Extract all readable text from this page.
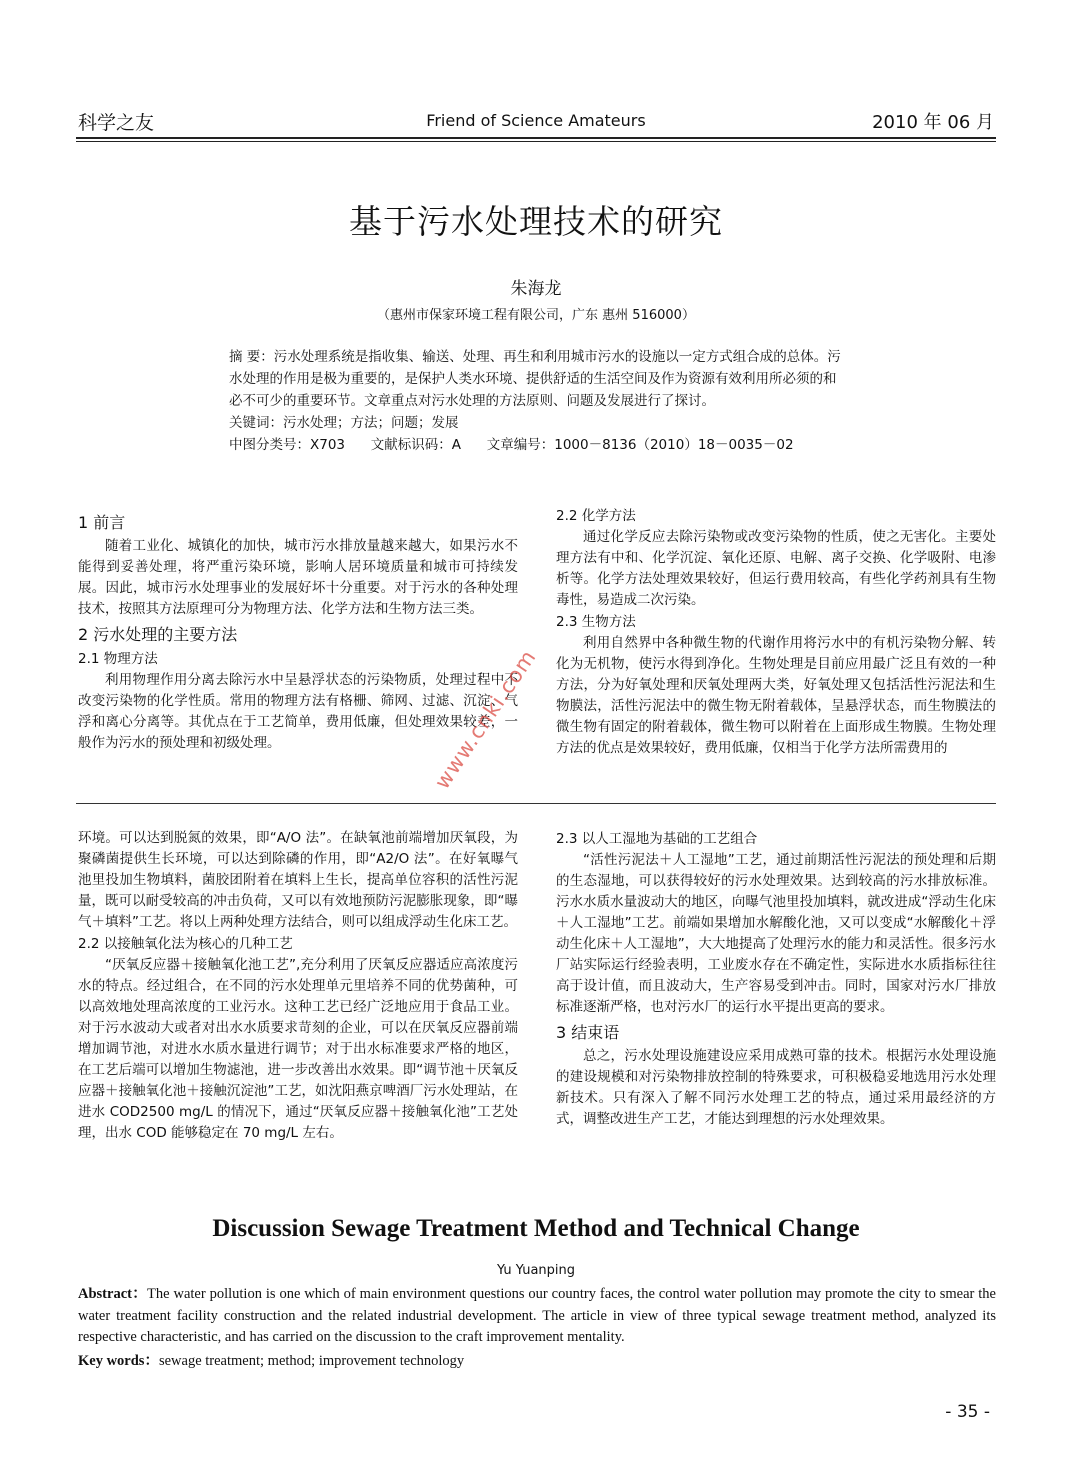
科学之友	Friend of Science Amateurs	2010 年 06 月
基于污水处理技术的研究
朱海龙
（惠州市保家环境工程有限公司，广东 惠州 516000）

摘 要：污水处理系统是指收集、输送、处理、再生和利用城市污水的设施以一定方式组合成的总体。污水处理的作用是极为重要的，是保护人类水环境、提供舒适的生活空间及作为资源有效利用所必须的和必不可少的重要环节。文章重点对污水处理的方法原则、问题及发展进行了探讨。

关键词：污水处理；方法；问题；发展

中图分类号：X703      文献标识码：A      文章编号：1000－8136（2010）18－0035－02

1 前言

随着工业化、城镇化的加快，城市污水排放量越来越大，如果污水不能得到妥善处理，将严重污染环境，影响人居环境质量和城市可持续发展。因此，城市污水处理事业的发展好坏十分重要。对于污水的各种处理技术，按照其方法原理可分为物理方法、化学方法和生物方法三类。

2 污水处理的主要方法
2.1 物理方法

利用物理作用分离去除污水中呈悬浮状态的污染物质，处理过程中不改变污染物的化学性质。常用的物理方法有格栅、筛网、过滤、沉淀、气浮和离心分离等。其优点在于工艺简单，费用低廉，但处理效果较差，一般作为污水的预处理和初级处理。

2.2 化学方法

通过化学反应去除污染物或改变污染物的性质，使之无害化。主要处理方法有中和、化学沉淀、氧化还原、电解、离子交换、化学吸附、电渗析等。化学方法处理效果较好，但运行费用较高，有些化学药剂具有生物毒性，易造成二次污染。

2.3 生物方法

利用自然界中各种微生物的代谢作用将污水中的有机污染物分解、转化为无机物，使污水得到净化。生物处理是目前应用最广泛且有效的一种方法，分为好氧处理和厌氧处理两大类，好氧处理又包括活性污泥法和生物膜法，活性污泥法中的微生物无附着载体，呈悬浮状态，而生物膜法的微生物有固定的附着载体，微生物可以附着在上面形成生物膜。生物处理方法的优点是效果较好，费用低廉，仅相当于化学方法所需费用的

环境。可以达到脱氮的效果，即“A/O 法”。在缺氧池前端增加厌氧段，为聚磷菌提供生长环境，可以达到除磷的作用，即“A2/O 法”。在好氧曝气池里投加生物填料，菌胶团附着在填料上生长，提高单位容积的活性污泥量，既可以耐受较高的冲击负荷，又可以有效地预防污泥膨胀现象，即“曝气＋填料”工艺。将以上两种处理方法结合，则可以组成浮动生化床工艺。

2.2 以接触氧化法为核心的几种工艺

“厌氧反应器＋接触氧化池工艺”,充分利用了厌氧反应器适应高浓度污水的特点。经过组合，在不同的污水处理单元里培养不同的优势菌种，可以高效地处理高浓度的工业污水。这种工艺已经广泛地应用于食品工业。对于污水波动大或者对出水水质要求苛刻的企业，可以在厌氧反应器前端增加调节池，对进水水质水量进行调节；对于出水标准要求严格的地区，在工艺后端可以增加生物滤池，进一步改善出水效果。即“调节池＋厌氧反应器＋接触氧化池＋接触沉淀池”工艺，如沈阳燕京啤酒厂污水处理站，在进水 COD2500 mg/L 的情况下，通过“厌氧反应器＋接触氧化池”工艺处理，出水 COD 能够稳定在 70 mg/L 左右。

2.3 以人工湿地为基础的工艺组合

“活性污泥法＋人工湿地”工艺，通过前期活性污泥法的预处理和后期的生态湿地，可以获得较好的污水处理效果。达到较高的污水排放标准。污水水质水量波动大的地区，向曝气池里投加填料，就改进成“浮动生化床＋人工湿地”工艺。前端如果增加水解酸化池，又可以变成“水解酸化＋浮动生化床＋人工湿地”，大大地提高了处理污水的能力和灵活性。很多污水厂站实际运行经验表明，工业废水存在不确定性，实际进水水质指标往往高于设计值，而且波动大，生产容易受到冲击。同时，国家对污水厂排放标准逐渐严格，也对污水厂的运行水平提出更高的要求。

3 结束语

总之，污水处理设施建设应采用成熟可靠的技术。根据污水处理设施的建设规模和对污染物排放控制的特殊要求，可积极稳妥地选用污水处理新技术。只有深入了解不同污水处理工艺的特点，通过采用最经济的方式，调整改进生产工艺，才能达到理想的污水处理效果。

Discussion Sewage Treatment Method and Technical Change
Yu Yuanping
Abstract：The water pollution is one which of main environment questions our country faces, the control water pollution may promote the city to smear the water treatment facility construction and the related industrial development. The article in view of three typical sewage treatment method, analyzed its respective characteristic, and has carried on the discussion to the craft improvement mentality.
Key words：sewage treatment; method; improvement technology
- 35 -
www.cnki.com
